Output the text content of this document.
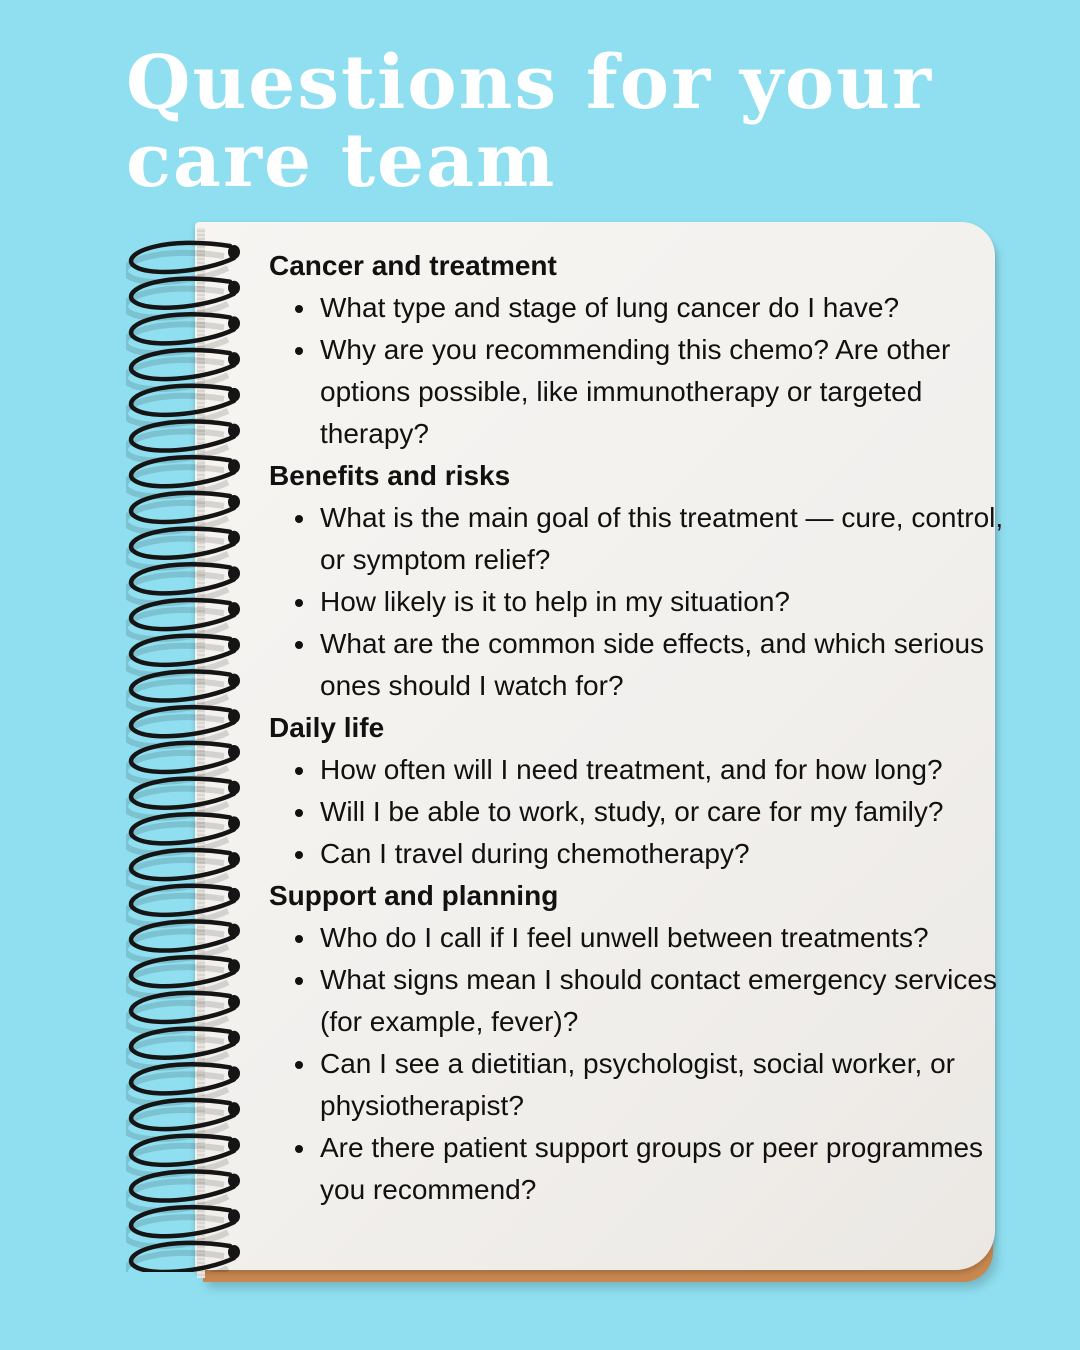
Questions for your
care team
Cancer and treatment
What type and stage of lung cancer do I have?
Why are you recommending this chemo? Are other options possible, like immunotherapy or targeted therapy?
Benefits and risks
What is the main goal of this treatment — cure, control, or symptom relief?
How likely is it to help in my situation?
What are the common side effects, and which serious ones should I watch for?
Daily life
How often will I need treatment, and for how long?
Will I be able to work, study, or care for my family?
Can I travel during chemotherapy?
Support and planning
Who do I call if I feel unwell between treatments?
What signs mean I should contact emergency services (for example, fever)?
Can I see a dietitian, psychologist, social worker, or physiotherapist?
Are there patient support groups or peer programmes you recommend?
